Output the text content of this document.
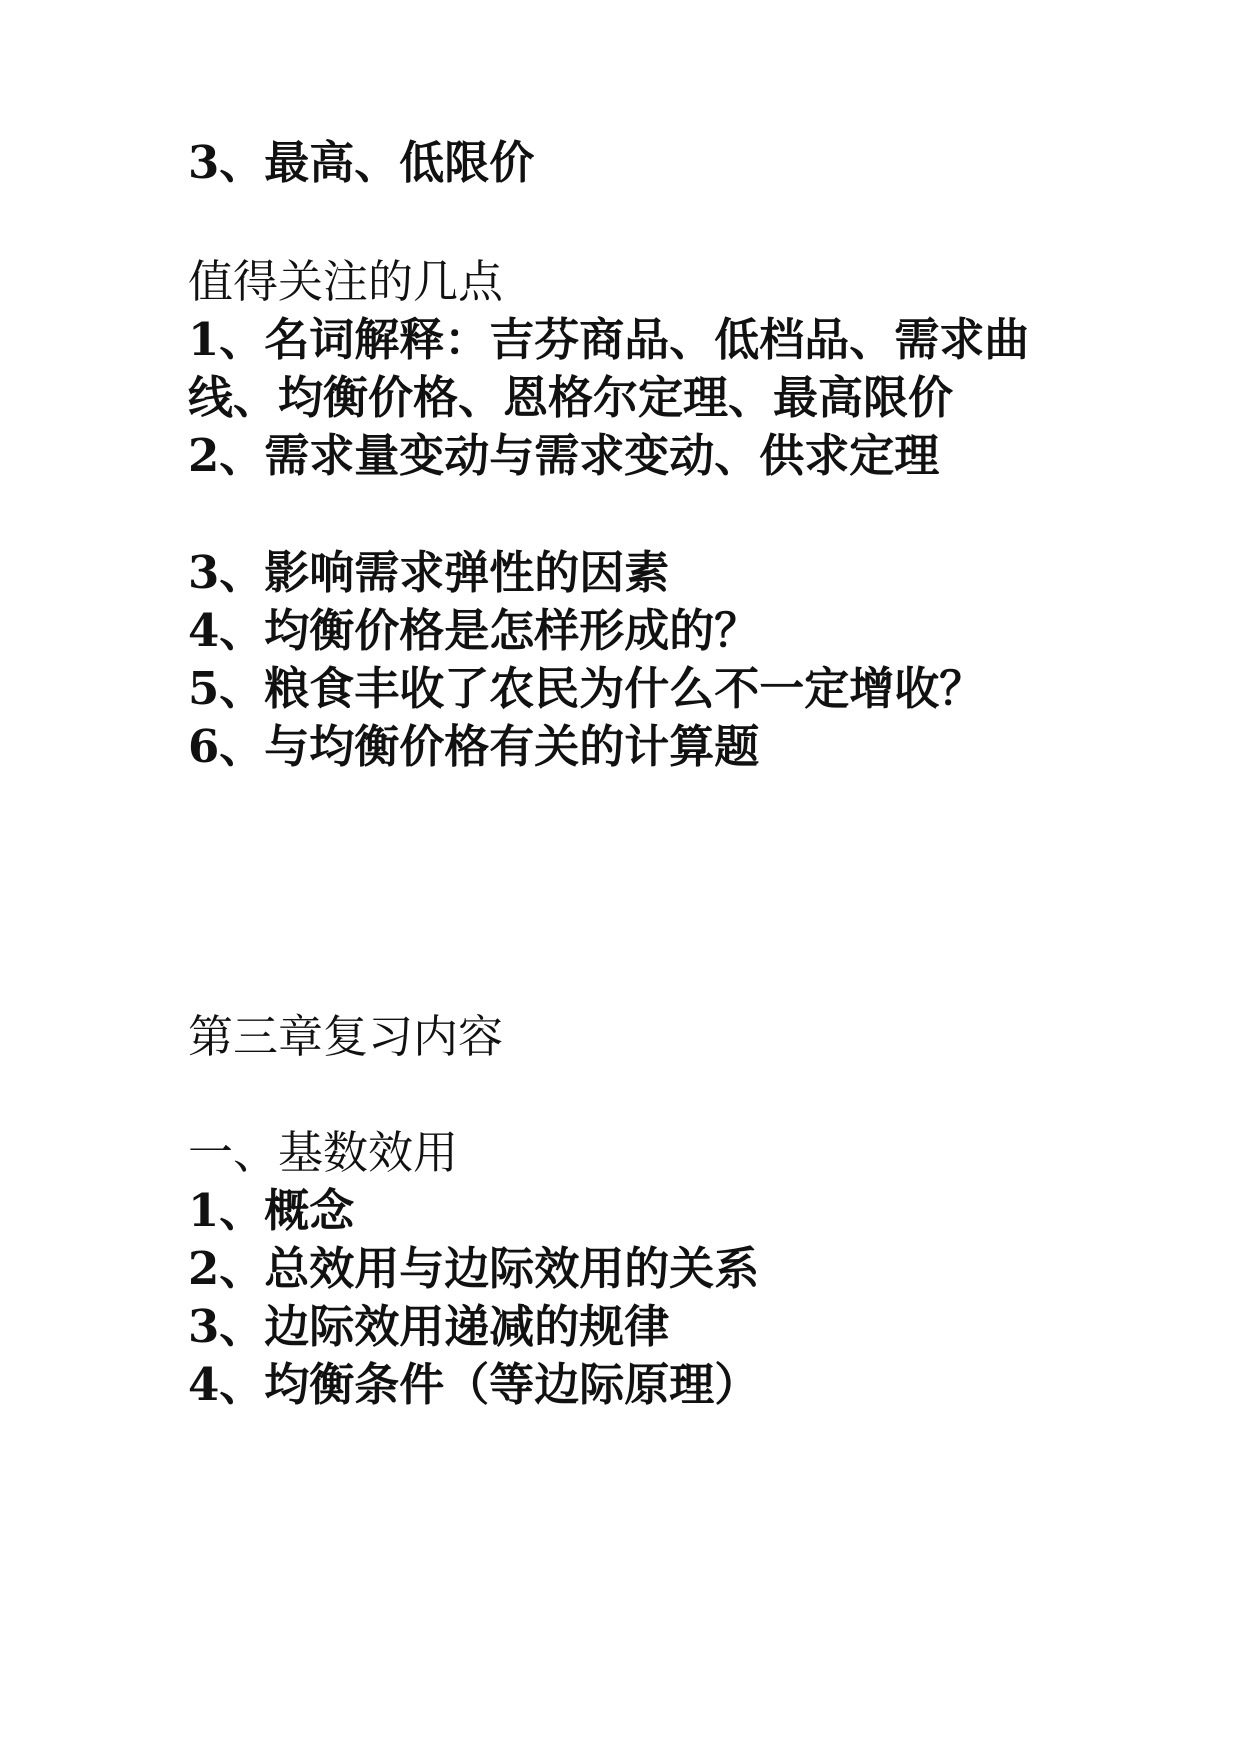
3、最高、低限价

值得关注的几点

1、名词解释：吉芬商品、低档品、需求曲

线、均衡价格、恩格尔定理、最高限价

2、需求量变动与需求变动、供求定理

3、影响需求弹性的因素

4、均衡价格是怎样形成的？

5、粮食丰收了农民为什么不一定增收？

6、与均衡价格有关的计算题

第三章复习内容

一、基数效用

1、概念

2、总效用与边际效用的关系

3、边际效用递减的规律

4、均衡条件（等边际原理）
